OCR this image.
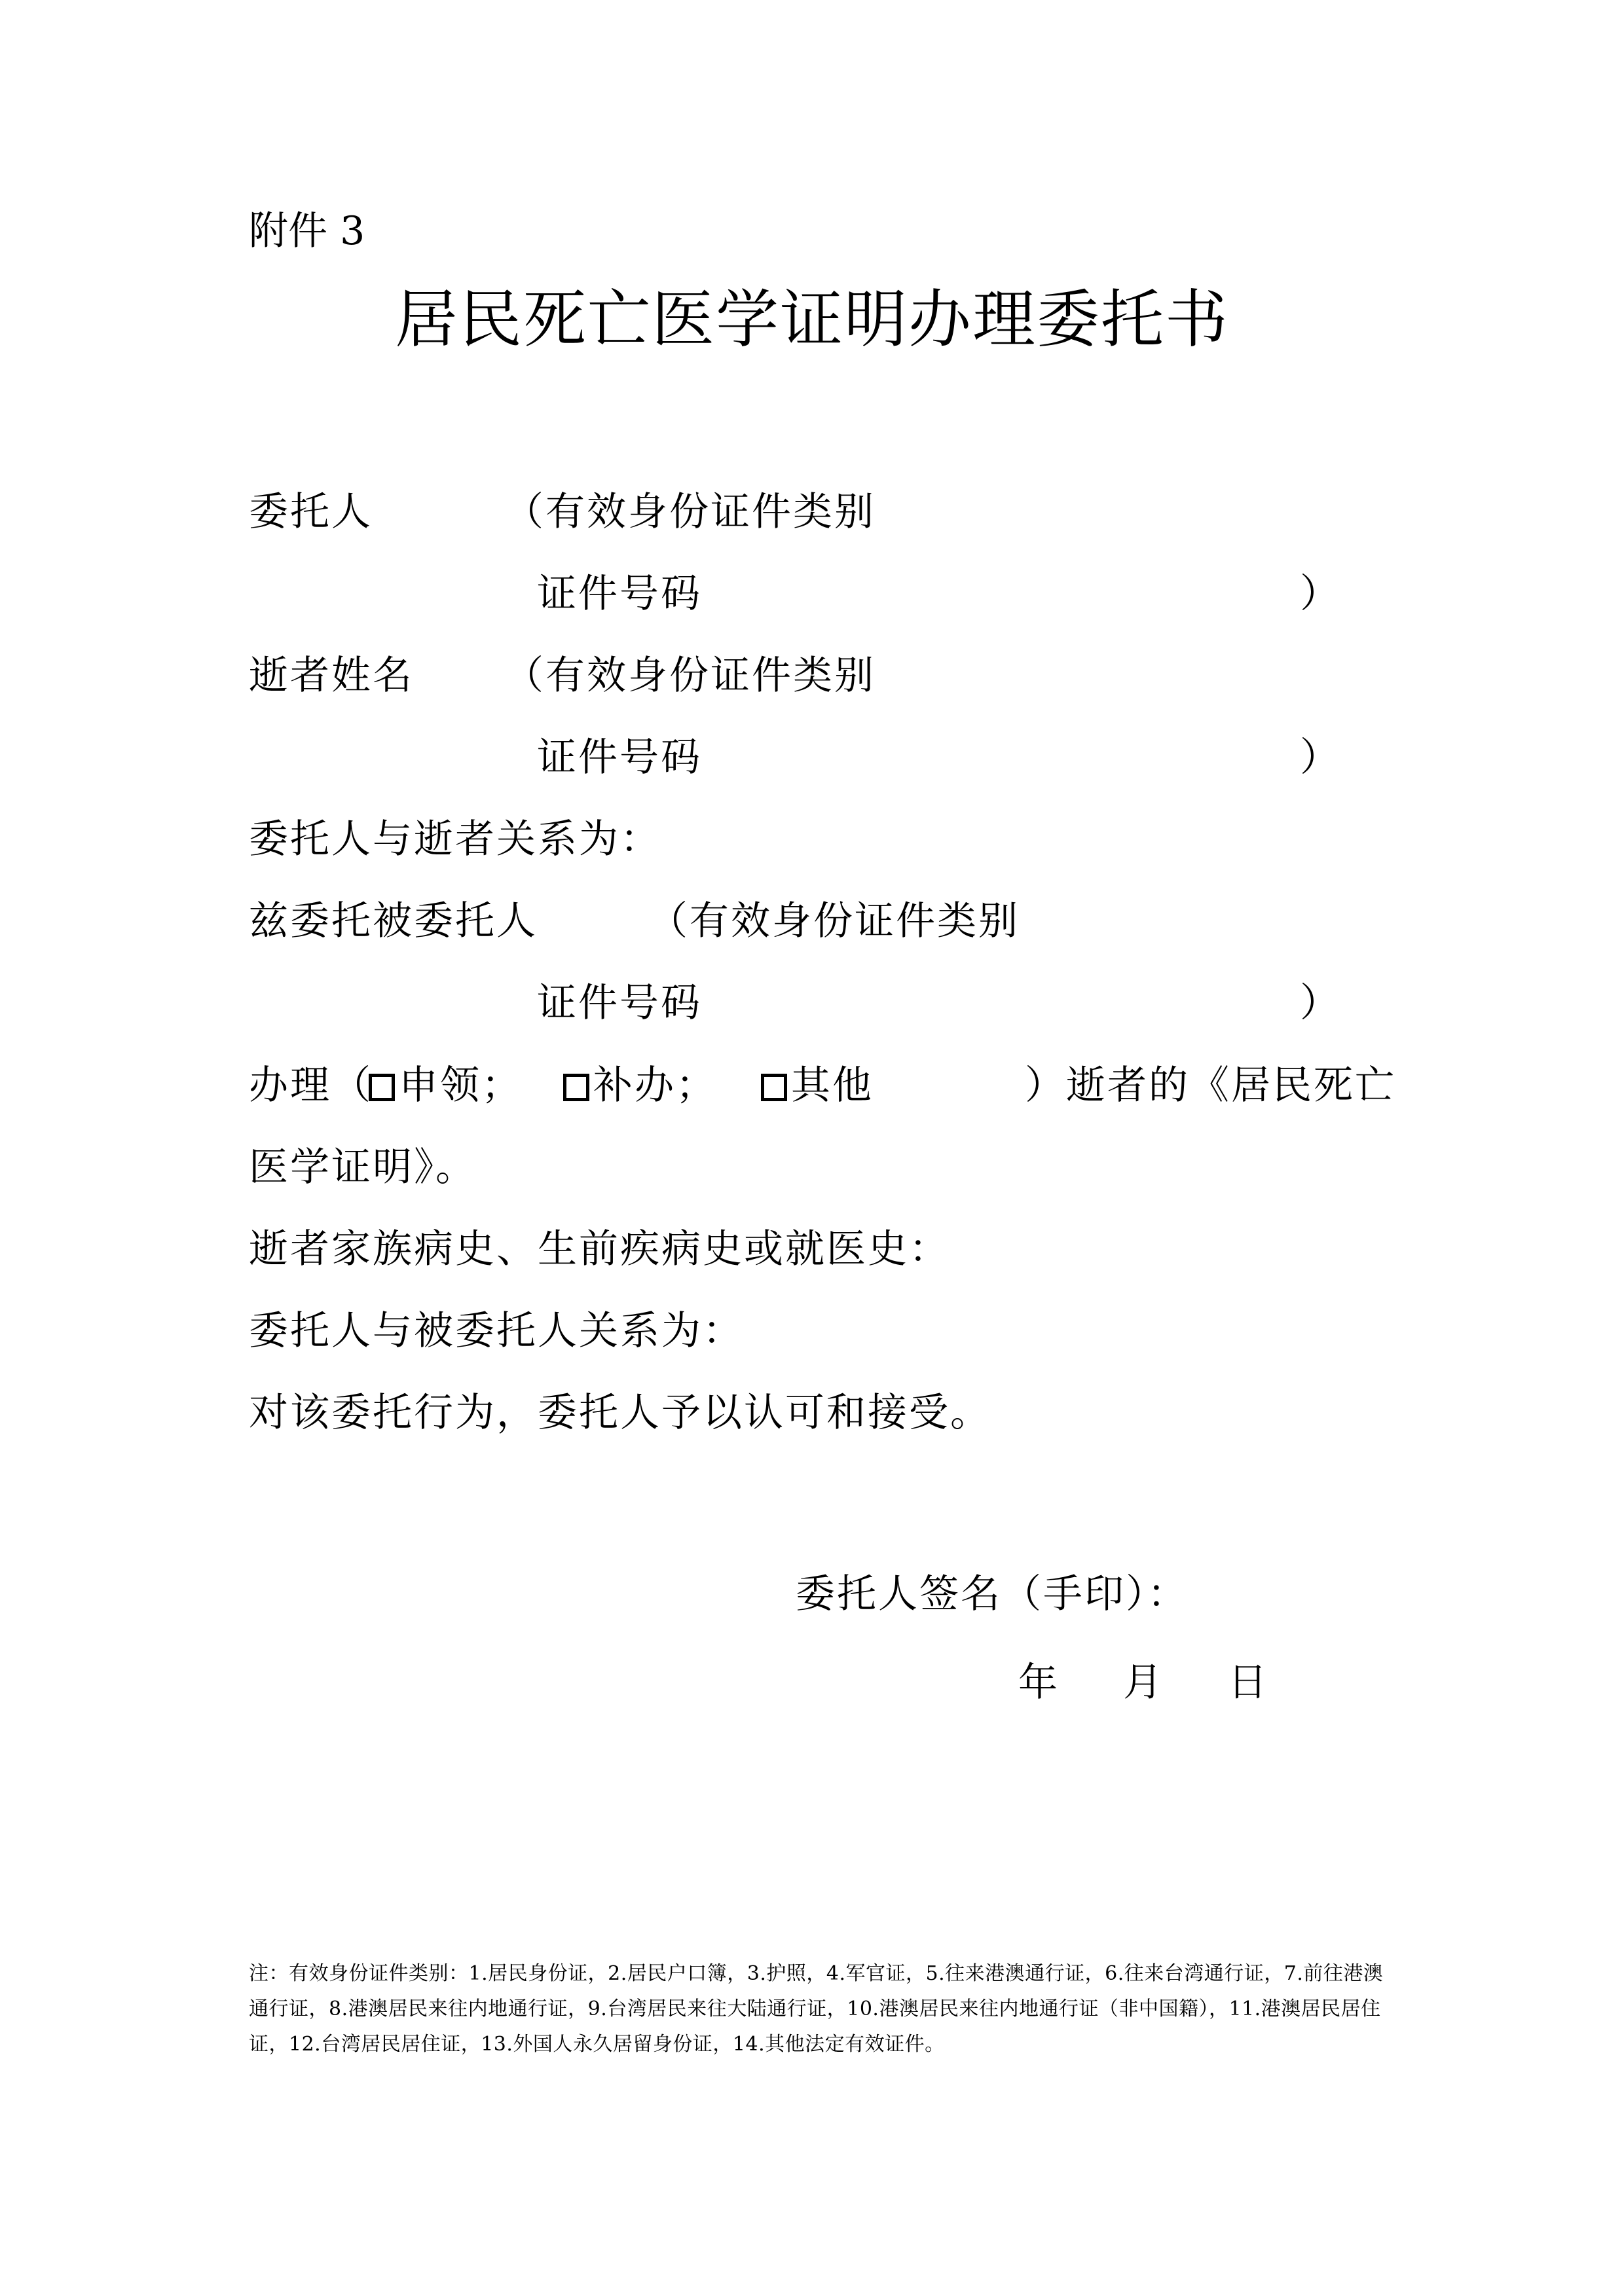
附件 3
居民死亡医学证明办理委托书
委托人	（有效身份证件类别
证件号码	）
逝者姓名 （有效身份证件类别
证件号码	）
委托人与逝者关系为：
兹委托被委托人	（有效身份证件类别
证件号码	）
办理（ 申领；	补办；	其他	）逝者的《居民死亡
医学证明》。
逝者家族病史、生前疾病史或就医史：
委托人与被委托人关系为：
对该委托行为，委托人予以认可和接受。
委托人签名（手印）：
年 月 日
注：有效身份证件类别：1.居民身份证，2.居民户口簿，3.护照，4.军官证，5.往来港澳通行证，6.往来台湾通行证，7.前往港澳通行证，8.港澳居民来往内地通行证，9.台湾居民来往大陆通行证，10.港澳居民来往内地通行证（非中国籍），11.港澳居民居住证，12.台湾居民居住证，13.外国人永久居留身份证，14.其他法定有效证件。
